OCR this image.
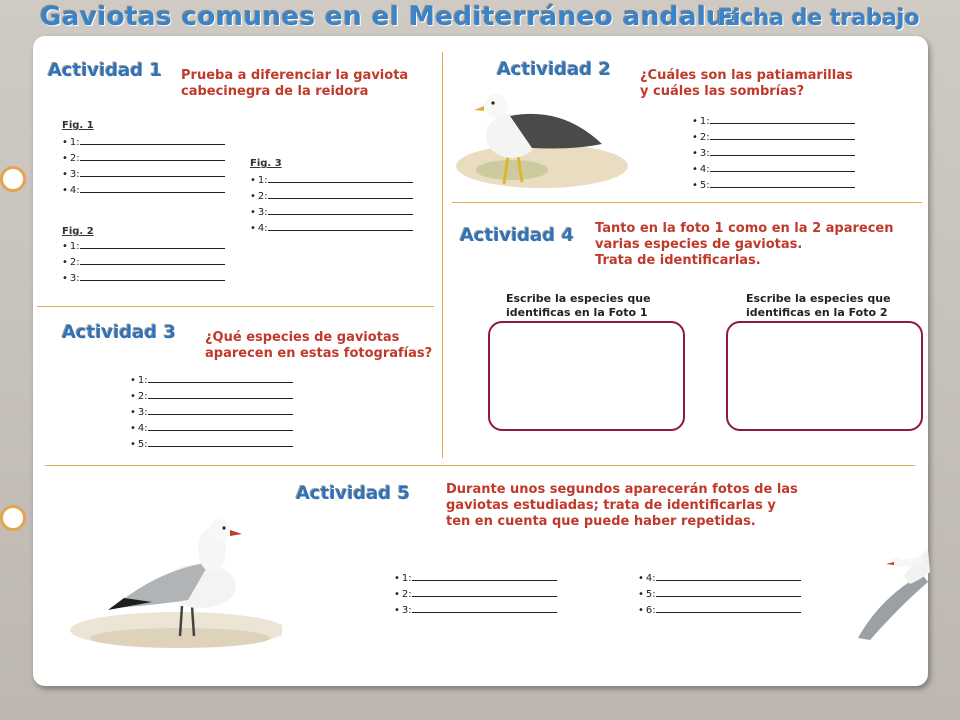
Gaviotas comunes en el Mediterráneo andaluz
Ficha de trabajo
Actividad 1 Prueba a diferenciar la gaviota
cabecinegra de la reidora
Fig. 1
• 1:
• 2:
• 3:
• 4:
Fig. 2
• 1:
• 2:
• 3:
Fig. 3
• 1:
• 2:
• 3:
• 4:
Actividad 2 ¿Cuáles son las patiamarillas
y cuáles las sombrías?
• 1:
• 2:
• 3:
• 4:
• 5:
Actividad 3 ¿Qué especies de gaviotas
aparecen en estas fotografías?
• 1:
• 2:
• 3:
• 4:
• 5:
Actividad 4 Tanto en la foto 1 como en la 2 aparecen
varias especies de gaviotas.
Trata de identificarlas.
Escribe la especies que
identificas en la Foto 1
Escribe la especies que
identificas en la Foto 2
Actividad 5	Durante unos segundos aparecerán fotos de las
gaviotas estudiadas; trata de identificarlas y
ten en cuenta que puede haber repetidas.
• 1:
• 2:
• 3:
• 4:
• 5:
• 6:
